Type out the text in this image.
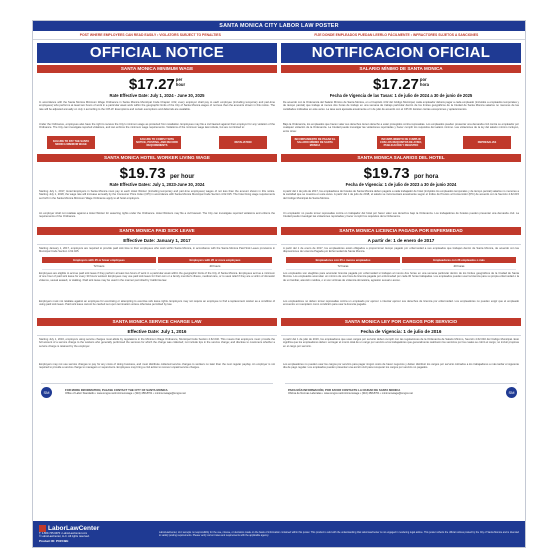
SANTA MONICA CITY LABOR LAW POSTER
POST WHERE EMPLOYEES CAN READ EASILY • VIOLATORS SUBJECT TO PENALTIES	FIJE DONDE EMPLEADOS PUEDAN LEERLO FÁCILMENTE • INFRACTORES SUJETOS A SANCIONES
OFFICIAL NOTICE	NOTIFICACION OFICIAL
SANTA MONICA MINIMUM WAGE
$17.27per
hour
Rate Effective Date: July 1, 2024 - June 30, 2025
In accordance with the Santa Monica Minimum Wage Ordinance in Santa Monica Municipal Code Chapter 4.62, every employer shall pay to each employee (including temporary and part-time employees) who performs at least two hours of work in a particular week work within the geographic limits of the City of Santa Monica wages of not less than the amounts shown in this notice. The rate will be adjusted annually on July 1 according to the CPI-W. Exemptions and certain exemptions and deferrals are available.
Under the Ordinance, employees also have the right to receive the City's minimum wage as protected from retaliation. Employees may file a civil lawsuit against their employer for any violation of the Ordinance. The City can investigate reported violations, and can enforce the minimum wage requirements. Violations of the minimum wage law include, but are not limited to:
FAILURE TO PAY THE SANTA MONICA MINIMUM WAGE
FAILURE TO COMPLY WITH NOTICE, POSTING, AND RECORD REQUIREMENTS
RETALIATION
SALARIO MÍNIMO DE SANTA MONICA
$17.27por
hora
Fecha de Vigencia de las Tasas: 1 de julio de 2024 a 30 de junio de 2025
De acuerdo con la Ordenanza del Salario Mínimo de Santa Monica, en el Capítulo 4.62 del Código Municipal, cada empleador deberá pagar a cada empleado (incluidos a empleados temporales y de tiempo parcial) que trabaje al menos dos horas de trabajo en una semana de trabajo particular dentro de los límites geográficos de la Ciudad de Santa Monica salarios no menores de las cantidades indicadas en este aviso. La tasa será ajustada anualmente el 1 de julio de acuerdo con el CPI-W. Existen ciertas excepciones y aplazamientos.
Bajo la Ordenanza, los empleados que hacen valer sus derechos tienen derecho a estar protegidos contra represalias. Los empleados pueden presentar una demanda civil contra su empleador por cualquier violación de la Ordenanza. La Ciudad puede investigar las violaciones reportadas y hacer cumplir los requisitos del salario mínimo. Las violaciones de la ley del salario mínimo incluyen, entre otras:
INCUMPLIMIENTO DE PAGAR EL SALARIO MÍNIMO DE SANTA MONICA
INCUMPLIMIENTO DE CUMPLIR CON LOS REQUISITOS DE AVISO, PUBLICACIÓN Y REGISTRO
REPRESALIAS
SANTA MONICA HOTEL WORKER LIVING WAGE
$19.73 per hour
Rate Effective Dates: July 1, 2023-June 30, 2024
Starting July 1, 2017, Hotel Employers in Santa Monica must pay to each Hotel Worker (including temporary and part-time employees) wages of not less than the amount shown in this notice. Starting July 1, 2018, the wage rate will increase annually by the Consumer Price Index (CPI) in accordance with Santa Monica Municipal Code Section 4.62.015. The hotel living wage requirements set forth in the Santa Monica Minimum Wage Ordinance apply to all hotel employers.
An employer shall not retaliate against a Hotel Worker for asserting rights under the Ordinance. Hotel Workers may file a civil lawsuit. The City can investigate reported violations and enforce the requirements of the Ordinance.
SANTA MONICA SALARIOS DEL HOTEL
$19.73 por hora
Fecha de Vigencia: 1 de julio de 2023 a 30 de junio 2024
A partir del 1 de julio de 2017, los empleadores de hoteles de Santa Monica deben pagarle a cada trabajador de hotel (incluidos los empleados temporales y de tiempo parcial) salarios no menores a la cantidad que se muestra en este aviso. A partir del 1 de julio de 2018, el salario se incrementará anualmente según el Índice de Precios al Consumidor (IPC) de acuerdo con la Sección 4.62.015 del Código Municipal de Santa Monica.
Un empleador no puede tomar represalias contra un trabajador del hotel por hacer valer sus derechos bajo la Ordenanza. Los trabajadores de hoteles pueden presentar una demanda civil. La Ciudad puede investigar las violaciones reportadas y hacer cumplir los requisitos de la Ordenanza.
SANTA MONICA PAID SICK LEAVE
Effective Date: January 1, 2017
Starting January 1, 2017, employers are required to provide paid sick time to their employees who work within Santa Monica, in accordance with the Santa Monica Paid Sick Leave provisions in Municipal Code Section 4.62.025.
Employers with 25 or fewer employees	Employers with 26 or more employees
72 hours	40 hours
Employees are eligible to accrue paid sick leave if they perform at least two hours of work in a particular week within the geographic limits of the City of Santa Monica. Employees accrue a minimum of one hour of paid sick leave for every 30 hours worked. Employees may use paid sick leave for their own or a family member's illness, medical care, or to seek relief if they are a victim of domestic violence, sexual assault, or stalking. Paid sick leave may be used in the manner permitted by California law.
Employers must not retaliate against an employee for exercising or attempting to exercise sick leave rights. Employers may not require an employee to find a replacement worker as a condition of using paid sick leave. Paid sick leave cannot be cashed out upon termination unless otherwise permitted by law.
SANTA MONICA LICENCIA PAGADA POR ENFERMEDAD
A partir de: 1 de enero de 2017
A partir del 1 de enero de 2017, los empleadores están obligados a proporcionar tiempo pagado por enfermedad a sus empleados que trabajan dentro de Santa Monica, de acuerdo con las disposiciones de Licencia Pagada por Enfermedad de Santa Monica.
Empleadores con 25 o menos empleados	Empleadores con 26 empleados o más
72 horas	40 horas
Los empleados son elegibles para acumular licencia pagada por enfermedad si trabajan al menos dos horas en una semana particular dentro de los límites geográficos de la Ciudad de Santa Monica. Los empleados acumulan un mínimo de una hora de licencia pagada por enfermedad por cada 30 horas trabajadas. Los empleados pueden usar la licencia para su propia enfermedad o la de un familiar, atención médica, o si son víctimas de violencia doméstica, agresión sexual o acoso.
Los empleadores no deben tomar represalias contra un empleado por ejercer o intentar ejercer sus derechos de licencia por enfermedad. Los empleadores no pueden exigir que el empleado encuentre un reemplazo como condición para usar la licencia pagada.
SANTA MONICA SERVICE CHARGE LAW
Effective Date: July 1, 2016
Starting July 1, 2016, employers using service charges must abide by regulations in the Minimum Wage Ordinance, Municipal Code Section 4.62.040. This means that employers must: provide the full amount of a service charge to the workers who generally performed the services for which the charge was collected; not include tips in the service charge; and disclose to customers whether a service charge is retained by the employer.
Employers may not use service charges to pay for any costs of doing business, and must distribute collected service charges to workers no later than the next regular payday. An employer is not required to provide a service charge to managers or supervisors. Employees may bring a civil action to recover unpaid service charges.
SM	FOR MORE INFORMATION, PLEASE CONTACT THE CITY OF SANTA MONICA
Office of Labor Standards • www.smgov.net/minimumwage • (310) 458-8701 • minimumwage@smgov.net
SANTA MONICA LEY POR CARGOS POR SERVICIO
Fecha de Vigencia: 1 de julio de 2016
A partir del 1 de julio de 2016, los empleadores que usan cargos por servicio deben cumplir con las regulaciones de la Ordenanza de Salario Mínimo, Sección 4.62.040 del Código Municipal. Esto significa que los empleadores deben: entregar el monto total de un cargo por servicio a los trabajadores que generalmente realizaron los servicios por los cuales se cobró el cargo; no incluir propinas en el cargo por servicio.
Los empleadores no pueden usar los cargos por servicio para pagar ningún costo de hacer negocios y deben distribuir los cargos por servicio cobrados a los trabajadores a más tardar el siguiente día de pago regular. Los empleados pueden presentar una acción civil para recuperar los cargos por servicio no pagados.
PARA MÁS INFORMACIÓN, POR FAVOR CONTACTE LA CIUDAD DE SANTA MONICA
Oficina de Normas Laborales • www.smgov.net/minimumwage • (310) 458-8701 • minimumwage@smgov.net	SM
LaborLawCenter
T: 1-800-745-9970 • LaborLawCenter.com
© LaborLawCenter, LLC. All rights reserved.
Product ID: P01549E
LaborLawCenter, LLC accepts no responsibility for the use, misuse, or decisions made on the basis of information contained within this poster. This product is sold with the understanding that LaborLawCenter is not engaged in rendering legal advice. This poster reflects the official notices posted by the City of Santa Monica and is intended to satisfy posting requirements. Please verify current rates and requirements with the applicable agency.
